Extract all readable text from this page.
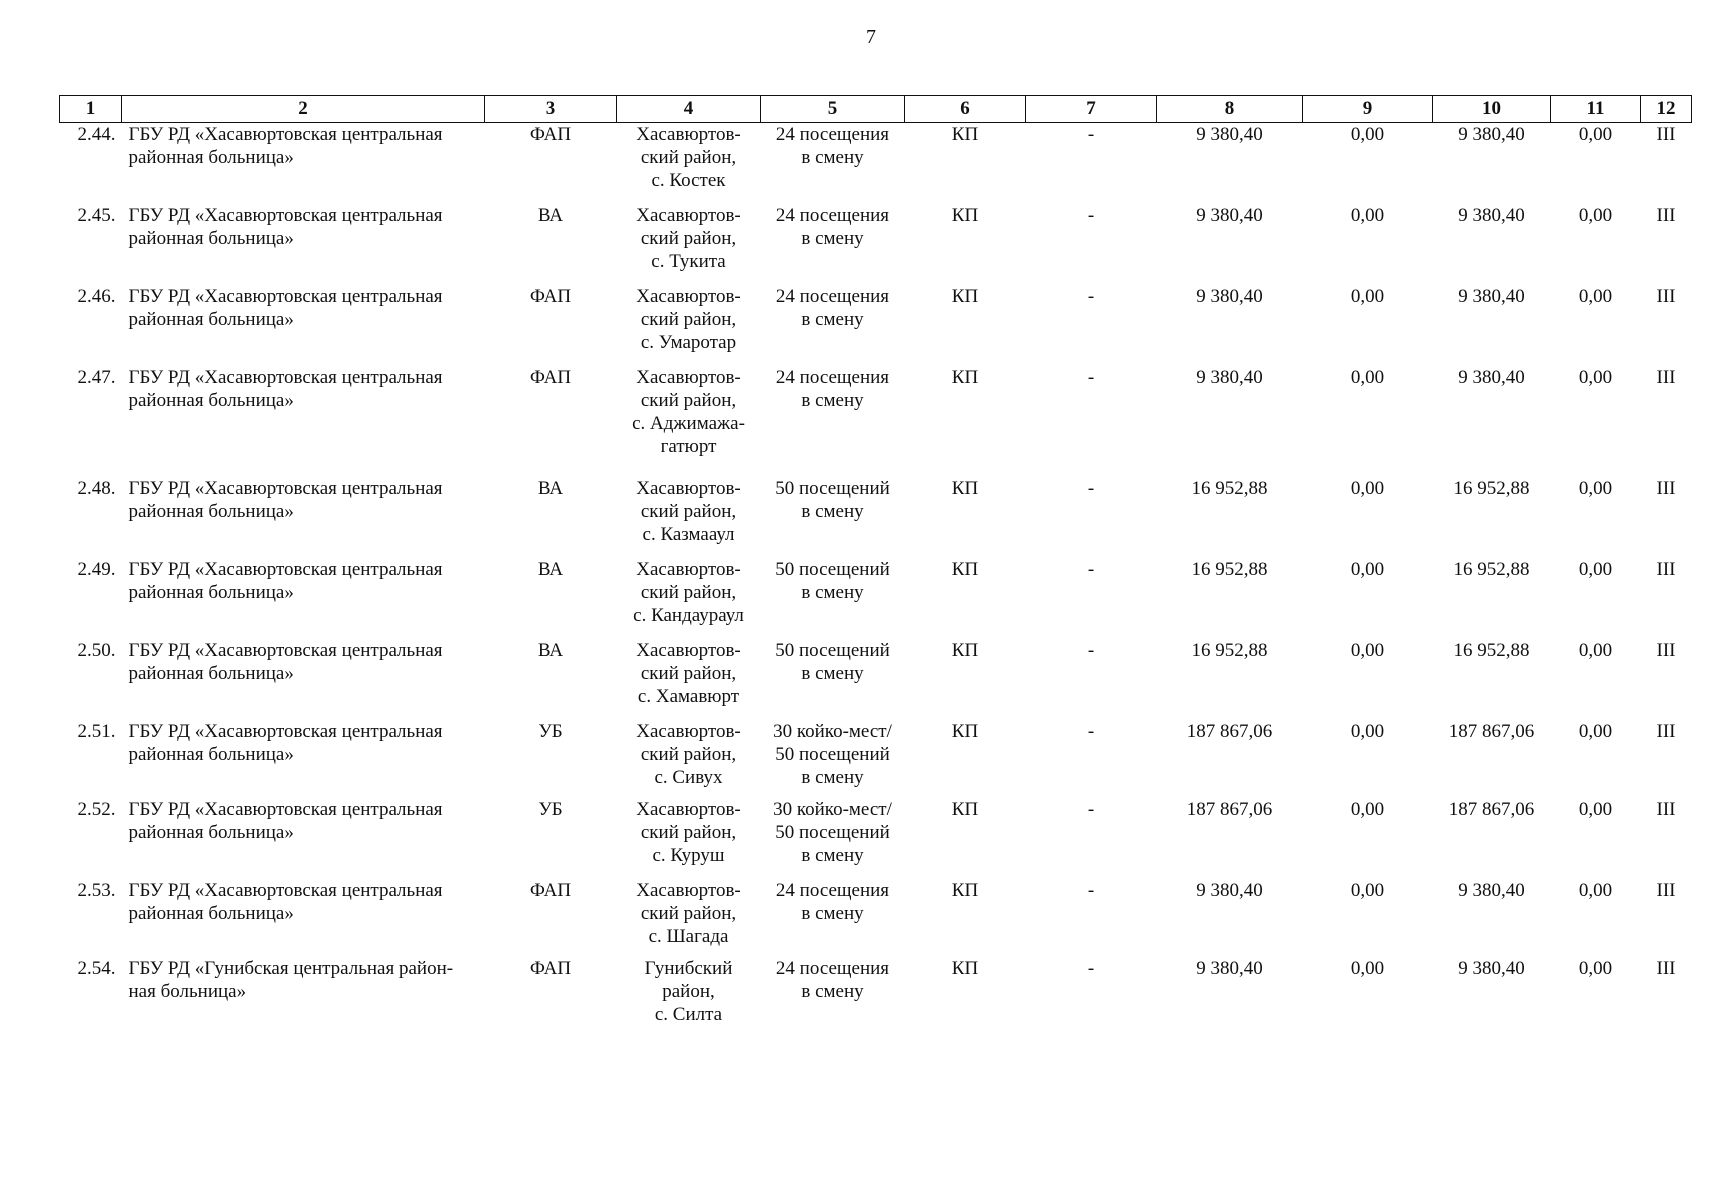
7
1	2	3	4	5	6	7	8	9	10	11	12
2.44.	ГБУ РД «Хасавюртовская центральная
районная больница»	ФАП	Хасавюртов-
ский район,
с. Костек	24 посещения
в смену	КП	-	9 380,40	0,00	9 380,40	0,00	III
2.45.	ГБУ РД «Хасавюртовская центральная
районная больница»	ВА	Хасавюртов-
ский район,
с. Тукита	24 посещения
в смену	КП	-	9 380,40	0,00	9 380,40	0,00	III
2.46.	ГБУ РД «Хасавюртовская центральная
районная больница»	ФАП	Хасавюртов-
ский район,
с. Умаротар	24 посещения
в смену	КП	-	9 380,40	0,00	9 380,40	0,00	III
2.47.	ГБУ РД «Хасавюртовская центральная
районная больница»	ФАП	Хасавюртов-
ский район,
с. Аджимажа-
гатюрт	24 посещения
в смену	КП	-	9 380,40	0,00	9 380,40	0,00	III
2.48.	ГБУ РД «Хасавюртовская центральная
районная больница»	ВА	Хасавюртов-
ский район,
с. Казмааул	50 посещений
в смену	КП	-	16 952,88	0,00	16 952,88	0,00	III
2.49.	ГБУ РД «Хасавюртовская центральная
районная больница»	ВА	Хасавюртов-
ский район,
с. Кандаураул	50 посещений
в смену	КП	-	16 952,88	0,00	16 952,88	0,00	III
2.50.	ГБУ РД «Хасавюртовская центральная
районная больница»	ВА	Хасавюртов-
ский район,
с. Хамавюрт	50 посещений
в смену	КП	-	16 952,88	0,00	16 952,88	0,00	III
2.51.	ГБУ РД «Хасавюртовская центральная
районная больница»	УБ	Хасавюртов-
ский район,
с. Сивух	30 койко-мест/
50 посещений
в смену	КП	-	187 867,06	0,00	187 867,06	0,00	III
2.52.	ГБУ РД «Хасавюртовская центральная
районная больница»	УБ	Хасавюртов-
ский район,
с. Куруш	30 койко-мест/
50 посещений
в смену	КП	-	187 867,06	0,00	187 867,06	0,00	III
2.53.	ГБУ РД «Хасавюртовская центральная
районная больница»	ФАП	Хасавюртов-
ский район,
с. Шагада	24 посещения
в смену	КП	-	9 380,40	0,00	9 380,40	0,00	III
2.54.	ГБУ РД «Гунибская центральная район-
ная больница»	ФАП	Гунибский
район,
с. Силта	24 посещения
в смену	КП	-	9 380,40	0,00	9 380,40	0,00	III
